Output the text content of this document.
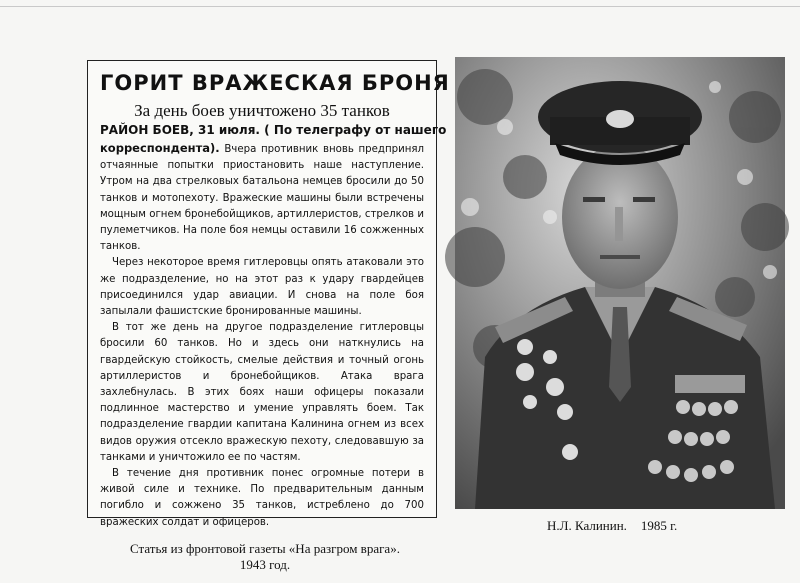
ГОРИТ ВРАЖЕСКАЯ БРОНЯ
За день боев уничтожено 35 танков
РАЙОН БОЕВ, 31 июля. ( По телеграфу от нашего

корреспондента). Вчера противник вновь предпринял отчаянные попытки приостановить наше наступление. Утром на два стрелковых батальона немцев бросили до 50 танков и мотопехоту. Вражеские машины были встречены мощным огнем бронебойщиков, артиллеристов, стрелков и пулеметчиков. На поле боя немцы оставили 16 сожженных танков.

Через некоторое время гитлеровцы опять атаковали это же подразделение, но на этот раз к удару гвардейцев присоединился удар авиации. И снова на поле боя запылали фашистские бронированные машины.

В тот же день на другое подразделение гитлеровцы бросили 60 танков. Но и здесь они наткнулись на гвардейскую стойкость, смелые действия и точный огонь артиллеристов и бронебойщиков. Атака врага захлебнулась. В этих боях наши офицеры показали подлинное мастерство и умение управлять боем. Так подразделение гвардии капитана Калинина огнем из всех видов оружия отсекло вражескую пехоту, следовавшую за танками и уничтожило ее по частям.

В течение дня противник понес огромные потери в живой силе и технике. По предварительным данным погибло и сожжено 35 танков, истреблено до 700 вражеских солдат и офицеров.	Н.Л. Калинин. 1985 г.
Статья из фронтовой газеты «На разгром врага».
1943 год.
